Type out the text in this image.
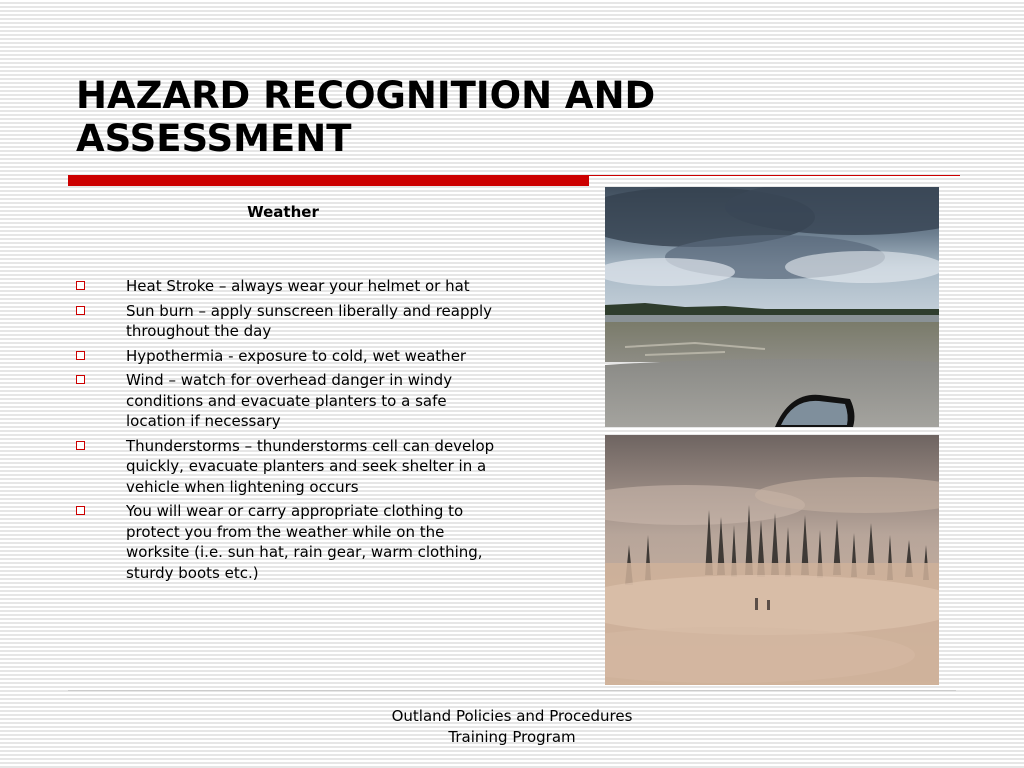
HAZARD RECOGNITION AND
ASSESSMENT
Weather
Heat Stroke – always wear your helmet or hat
Sun burn – apply sunscreen liberally and reapply throughout the day
Hypothermia - exposure to cold, wet weather
Wind – watch for overhead danger in windy conditions and evacuate planters to a safe location if necessary
Thunderstorms – thunderstorms cell can develop quickly, evacuate planters and seek shelter in a vehicle when lightening occurs
You will wear or carry appropriate clothing to protect you from the weather while on the worksite (i.e. sun hat, rain gear, warm clothing, sturdy boots etc.)
Outland Policies and Procedures
Training Program
